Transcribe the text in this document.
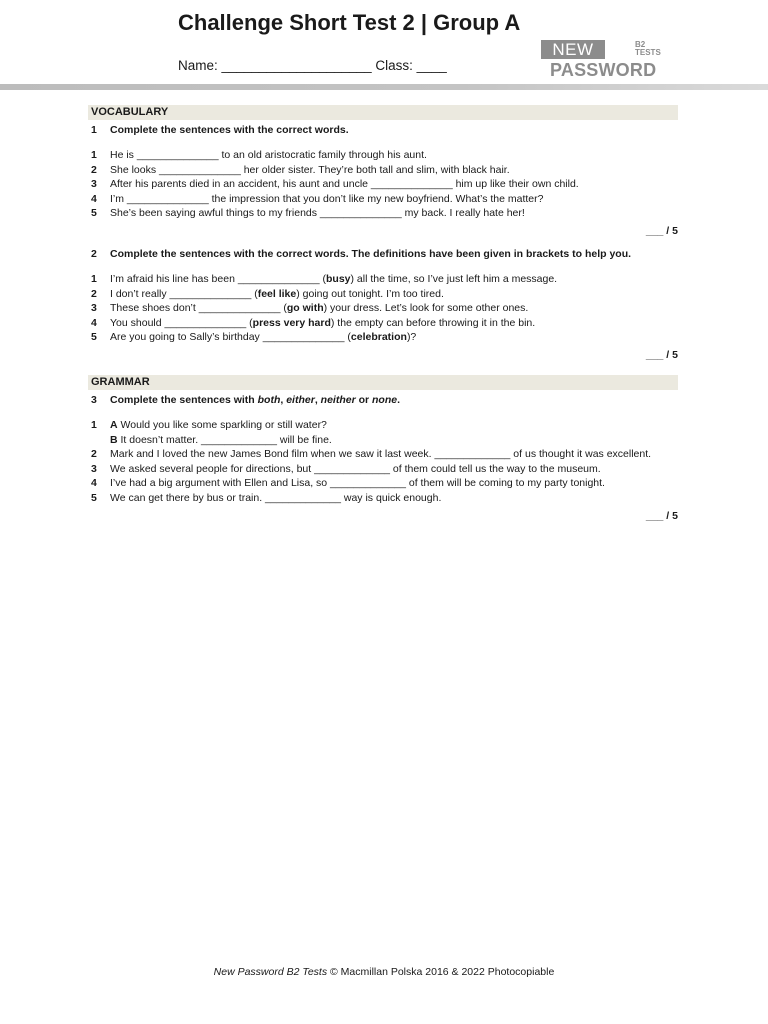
Challenge Short Test 2 | Group A
Name: ____________________ Class: ____
NEW	B2
TESTS
PASSWORD
VOCABULARY
1 Complete the sentences with the correct words.
1	He is ______________ to an old aristocratic family through his aunt.
2	She looks ______________ her older sister. They’re both tall and slim, with black hair.
3	After his parents died in an accident, his aunt and uncle ______________ him up like their own child.
4	I’m ______________ the impression that you don’t like my new boyfriend. What’s the matter?
5	She’s been saying awful things to my friends ______________ my back. I really hate her!
___ / 5
2 Complete the sentences with the correct words. The definitions have been given in brackets to help you.
1	I’m afraid his line has been ______________ (busy) all the time, so I’ve just left him a message.
2	I don’t really ______________ (feel like) going out tonight. I’m too tired.
3	These shoes don’t ______________ (go with) your dress. Let’s look for some other ones.
4	You should ______________ (press very hard) the empty can before throwing it in the bin.
5	Are you going to Sally’s birthday ______________ (celebration)?
___ / 5
GRAMMAR
3 Complete the sentences with both, either, neither or none.
1	A Would you like some sparkling or still water?
B It doesn’t matter. _____________ will be fine.
2	Mark and I loved the new James Bond film when we saw it last week. _____________ of us thought it was excellent.
3	We asked several people for directions, but _____________ of them could tell us the way to the museum.
4	I’ve had a big argument with Ellen and Lisa, so _____________ of them will be coming to my party tonight.
5	We can get there by bus or train. _____________ way is quick enough.
___ / 5
New Password B2 Tests © Macmillan Polska 2016 & 2022 Photocopiable
